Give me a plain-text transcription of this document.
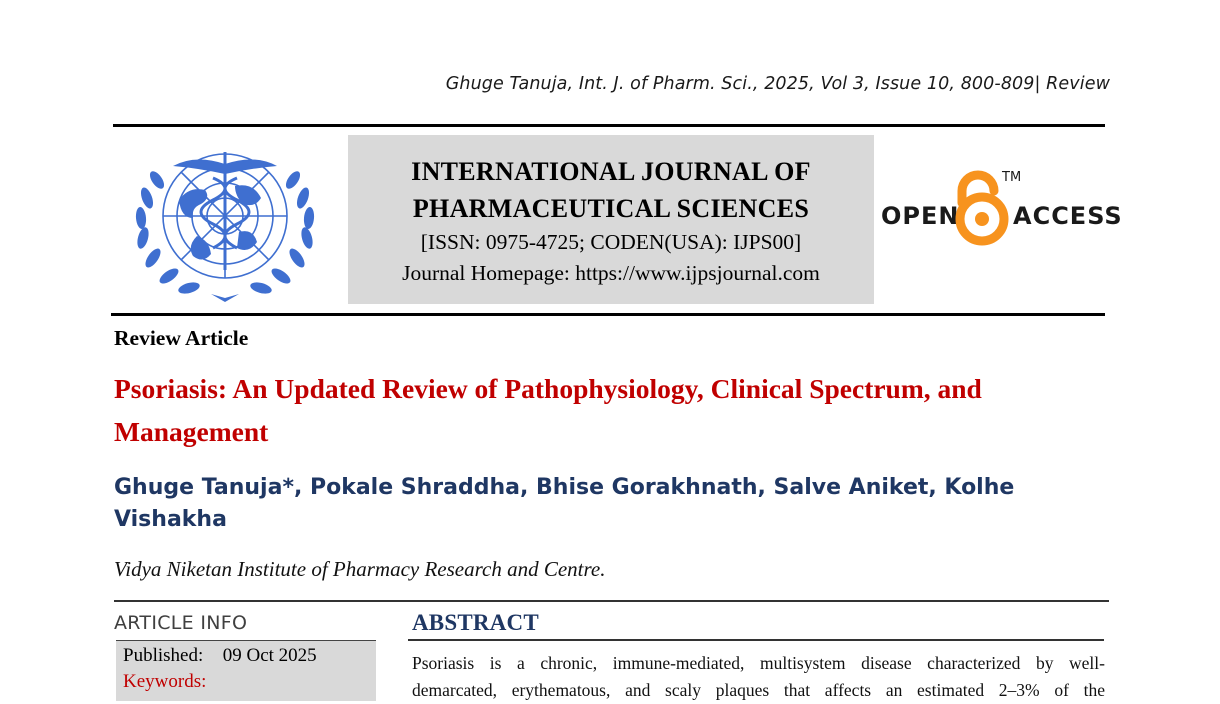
Ghuge Tanuja, Int. J. of Pharm. Sci., 2025, Vol 3, Issue 10, 800-809| Review
INTERNATIONAL JOURNAL OF
PHARMACEUTICAL SCIENCES
[ISSN: 0975-4725; CODEN(USA): IJPS00]
Journal Homepage: https://www.ijpsjournal.com
OPEN
TM
ACCESS
Review Article
Psoriasis: An Updated Review of Pathophysiology, Clinical Spectrum, and Management
Ghuge Tanuja*, Pokale Shraddha, Bhise Gorakhnath, Salve Aniket, Kolhe Vishakha
Vidya Niketan Institute of Pharmacy Research and Centre.
ARTICLE INFO
Published: 09 Oct 2025
Keywords:
ABSTRACT
Psoriasis is a chronic, immune-mediated, multisystem disease characterized by well-
demarcated, erythematous, and scaly plaques that affects an estimated 2–3% of the
